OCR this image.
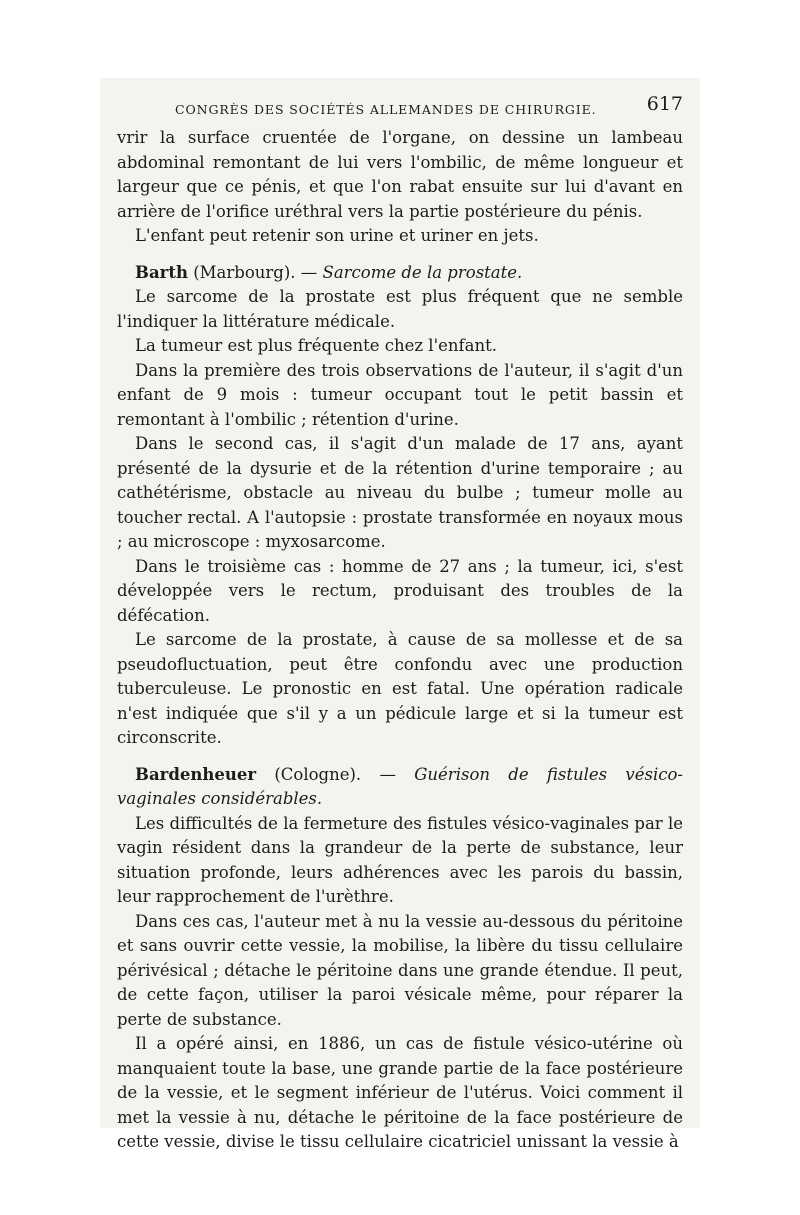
CONGRÈS DES SOCIÉTÉS ALLEMANDES DE CHIRURGIE.	617

vrir la surface cruentée de l'organe, on dessine un lambeau abdominal remontant de lui vers l'ombilic, de même longueur et largeur que ce pénis, et que l'on rabat ensuite sur lui d'avant en arrière de l'orifice uréthral vers la partie postérieure du pénis.

L'enfant peut retenir son urine et uriner en jets.

Barth (Marbourg). — Sarcome de la prostate.

Le sarcome de la prostate est plus fréquent que ne semble l'indiquer la littérature médicale.

La tumeur est plus fréquente chez l'enfant.

Dans la première des trois observations de l'auteur, il s'agit d'un enfant de 9 mois : tumeur occupant tout le petit bassin et remontant à l'ombilic ; rétention d'urine.

Dans le second cas, il s'agit d'un malade de 17 ans, ayant présenté de la dysurie et de la rétention d'urine temporaire ; au cathétérisme, obstacle au niveau du bulbe ; tumeur molle au toucher rectal. A l'autopsie : prostate transformée en noyaux mous ; au microscope : myxosarcome.

Dans le troisième cas : homme de 27 ans ; la tumeur, ici, s'est développée vers le rectum, produisant des troubles de la défécation.

Le sarcome de la prostate, à cause de sa mollesse et de sa pseudofluctuation, peut être confondu avec une production tuberculeuse. Le pronostic en est fatal. Une opération radicale n'est indiquée que s'il y a un pédicule large et si la tumeur est circonscrite.

Bardenheuer (Cologne). — Guérison de fistules vésico-vaginales considérables.

Les difficultés de la fermeture des fistules vésico-vaginales par le vagin résident dans la grandeur de la perte de substance, leur situation profonde, leurs adhérences avec les parois du bassin, leur rapprochement de l'urèthre.

Dans ces cas, l'auteur met à nu la vessie au-dessous du péritoine et sans ouvrir cette vessie, la mobilise, la libère du tissu cellulaire périvésical ; détache le péritoine dans une grande étendue. Il peut, de cette façon, utiliser la paroi vésicale même, pour réparer la perte de substance.

Il a opéré ainsi, en 1886, un cas de fistule vésico-utérine où manquaient toute la base, une grande partie de la face postérieure de la vessie, et le segment inférieur de l'utérus. Voici comment il met la vessie à nu, détache le péritoine de la face postérieure de cette vessie, divise le tissu cellulaire cicatriciel unissant la vessie à
